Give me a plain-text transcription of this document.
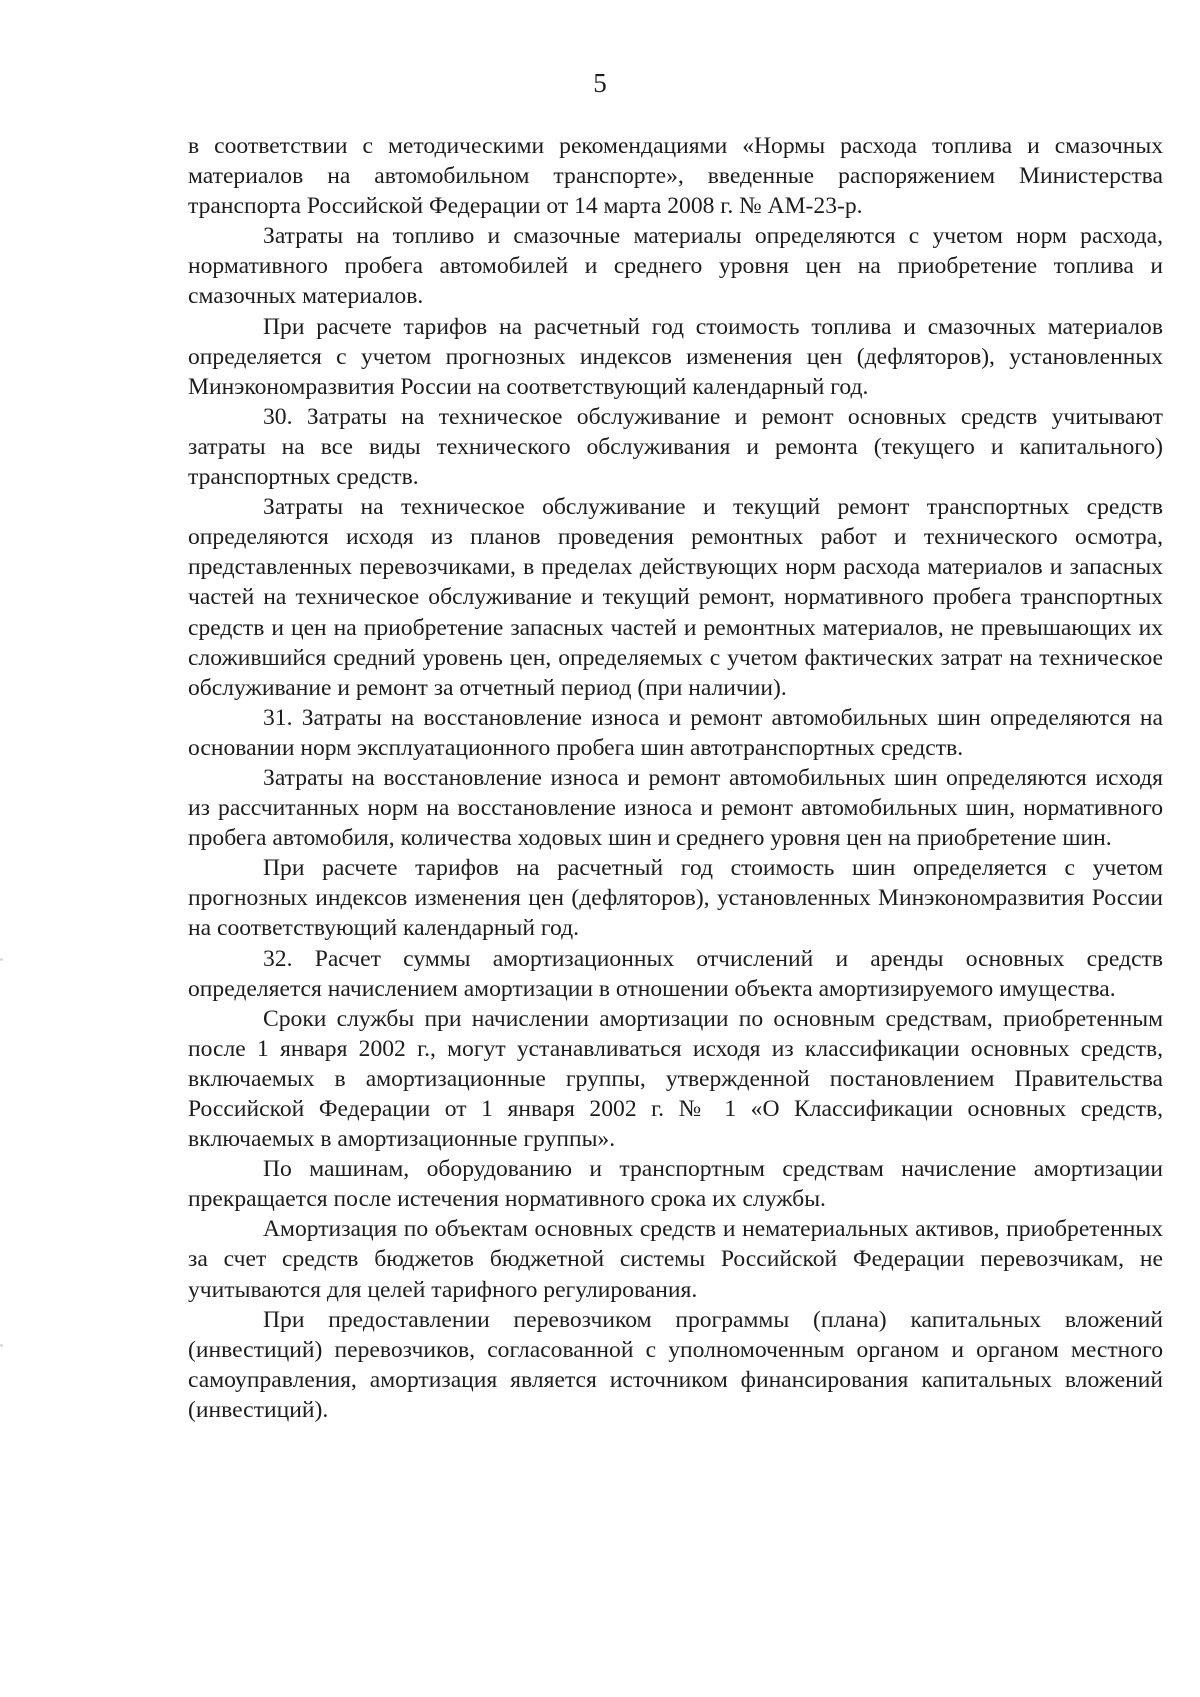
5

в соответствии с методическими рекомендациями «Нормы расхода топлива и смазочных материалов на автомобильном транспорте», введенные распоряжением Министерства транспорта Российской Федерации от 14 марта 2008 г. № АМ-23-р.

Затраты на топливо и смазочные материалы определяются с учетом норм расхода, нормативного пробега автомобилей и среднего уровня цен на приобретение топлива и смазочных материалов.

При расчете тарифов на расчетный год стоимость топлива и смазочных материалов определяется с учетом прогнозных индексов изменения цен (дефляторов), установленных Минэкономразвития России на соответствующий календарный год.

30. Затраты на техническое обслуживание и ремонт основных средств учитывают затраты на все виды технического обслуживания и ремонта (текущего и капитального) транспортных средств.

Затраты на техническое обслуживание и текущий ремонт транспортных средств определяются исходя из планов проведения ремонтных работ и технического осмотра, представленных перевозчиками, в пределах действующих норм расхода материалов и запасных частей на техническое обслуживание и текущий ремонт, нормативного пробега транспортных средств и цен на приобретение запасных частей и ремонтных материалов, не превышающих их сложившийся средний уровень цен, определяемых с учетом фактических затрат на техническое обслуживание и ремонт за отчетный период (при наличии).

31. Затраты на восстановление износа и ремонт автомобильных шин определяются на основании норм эксплуатационного пробега шин автотранспортных средств.

Затраты на восстановление износа и ремонт автомобильных шин определяются исходя из рассчитанных норм на восстановление износа и ремонт автомобильных шин, нормативного пробега автомобиля, количества ходовых шин и среднего уровня цен на приобретение шин.

При расчете тарифов на расчетный год стоимость шин определяется с учетом прогнозных индексов изменения цен (дефляторов), установленных Минэкономразвития России на соответствующий календарный год.

32. Расчет суммы амортизационных отчислений и аренды основных средств определяется начислением амортизации в отношении объекта амортизируемого имущества.

Сроки службы при начислении амортизации по основным средствам, приобретенным после 1 января 2002 г., могут устанавливаться исходя из классификации основных средств, включаемых в амортизационные группы, утвержденной постановлением Правительства Российской Федерации от 1 января 2002 г. № 1 «О Классификации основных средств, включаемых в амортизационные группы».

По машинам, оборудованию и транспортным средствам начисление амортизации прекращается после истечения нормативного срока их службы.

Амортизация по объектам основных средств и нематериальных активов, приобретенных за счет средств бюджетов бюджетной системы Российской Федерации перевозчикам, не учитываются для целей тарифного регулирования.

При предоставлении перевозчиком программы (плана) капитальных вложений (инвестиций) перевозчиков, согласованной с уполномоченным органом и органом местного самоуправления, амортизация является источником финансирования капитальных вложений (инвестиций).
